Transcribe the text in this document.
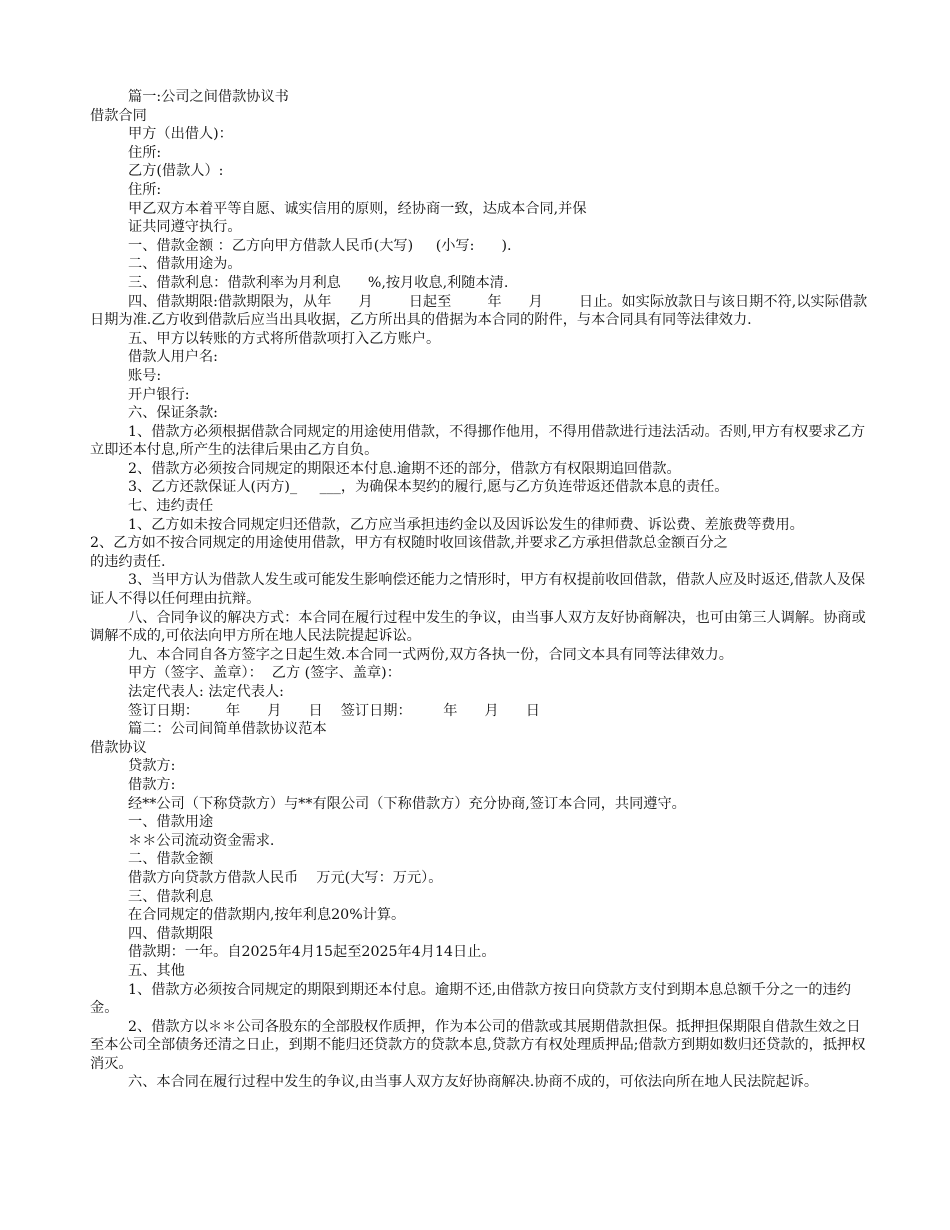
篇一:公司之间借款协议书

借款合同

甲方（出借人)：

住所:

乙方(借款人）:

住所:

甲乙双方本着平等自愿、诚实信用的原则，经协商一致，达成本合同,并保

证共同遵守执行。

一、借款金额 ：乙方向甲方借款人民币(大写)     (小写:      ).

二、借款用途为。

三、借款利息：借款利率为月利息      %,按月收息,利随本清.

四、借款期限:借款期限为，从年      月        日起至        年      月        日止。如实际放款日与该日期不符,以实际借款日期为准.乙方收到借款后应当出具收据，乙方所出具的借据为本合同的附件，与本合同具有同等法律效力.

五、甲方以转账的方式将所借款项打入乙方账户。

借款人用户名:

账号:

开户银行:

六、保证条款:

1、借款方必须根据借款合同规定的用途使用借款，不得挪作他用，不得用借款进行违法活动。否则,甲方有权要求乙方立即还本付息,所产生的法律后果由乙方自负。

2、借款方必须按合同规定的期限还本付息.逾期不还的部分，借款方有权限期追回借款。

3、乙方还款保证人(丙方)_     ___，为确保本契约的履行,愿与乙方负连带返还借款本息的责任。

七、违约责任

1、乙方如未按合同规定归还借款，乙方应当承担违约金以及因诉讼发生的律师费、诉讼费、差旅费等费用。

2、乙方如不按合同规定的用途使用借款，甲方有权随时收回该借款,并要求乙方承担借款总金额百分之

的违约责任.

3、当甲方认为借款人发生或可能发生影响偿还能力之情形时，甲方有权提前收回借款，借款人应及时返还,借款人及保证人不得以任何理由抗辩。

八、合同争议的解决方式：本合同在履行过程中发生的争议，由当事人双方友好协商解决，也可由第三人调解。协商或调解不成的,可依法向甲方所在地人民法院提起诉讼。

九、本合同自各方签字之日起生效.本合同一式两份,双方各执一份，合同文本具有同等法律效力。

甲方（签字、盖章）：  乙方 (签字、盖章)：

法定代表人: 法定代表人:

签订日期：      年      月      日    签订日期：       年      月      日

篇二：公司间简单借款协议范本

借款协议

贷款方:

借款方:

经**公司（下称贷款方）与**有限公司（下称借款方）充分协商,签订本合同，共同遵守。

一、借款用途

＊＊公司流动资金需求.

二、借款金额

借款方向贷款方借款人民币    万元(大写：万元）。

三、借款利息

在合同规定的借款期内,按年利息20%计算。

四、借款期限

借款期：一年。自2025年4月15起至2025年4月14日止。

五、其他

1、借款方必须按合同规定的期限到期还本付息。逾期不还,由借款方按日向贷款方支付到期本息总额千分之一的违约金。

2、借款方以＊＊公司各股东的全部股权作质押，作为本公司的借款或其展期借款担保。抵押担保期限自借款生效之日至本公司全部债务还清之日止，到期不能归还贷款方的贷款本息,贷款方有权处理质押品;借款方到期如数归还贷款的，抵押权消灭。

六、本合同在履行过程中发生的争议,由当事人双方友好协商解决.协商不成的，可依法向所在地人民法院起诉。
